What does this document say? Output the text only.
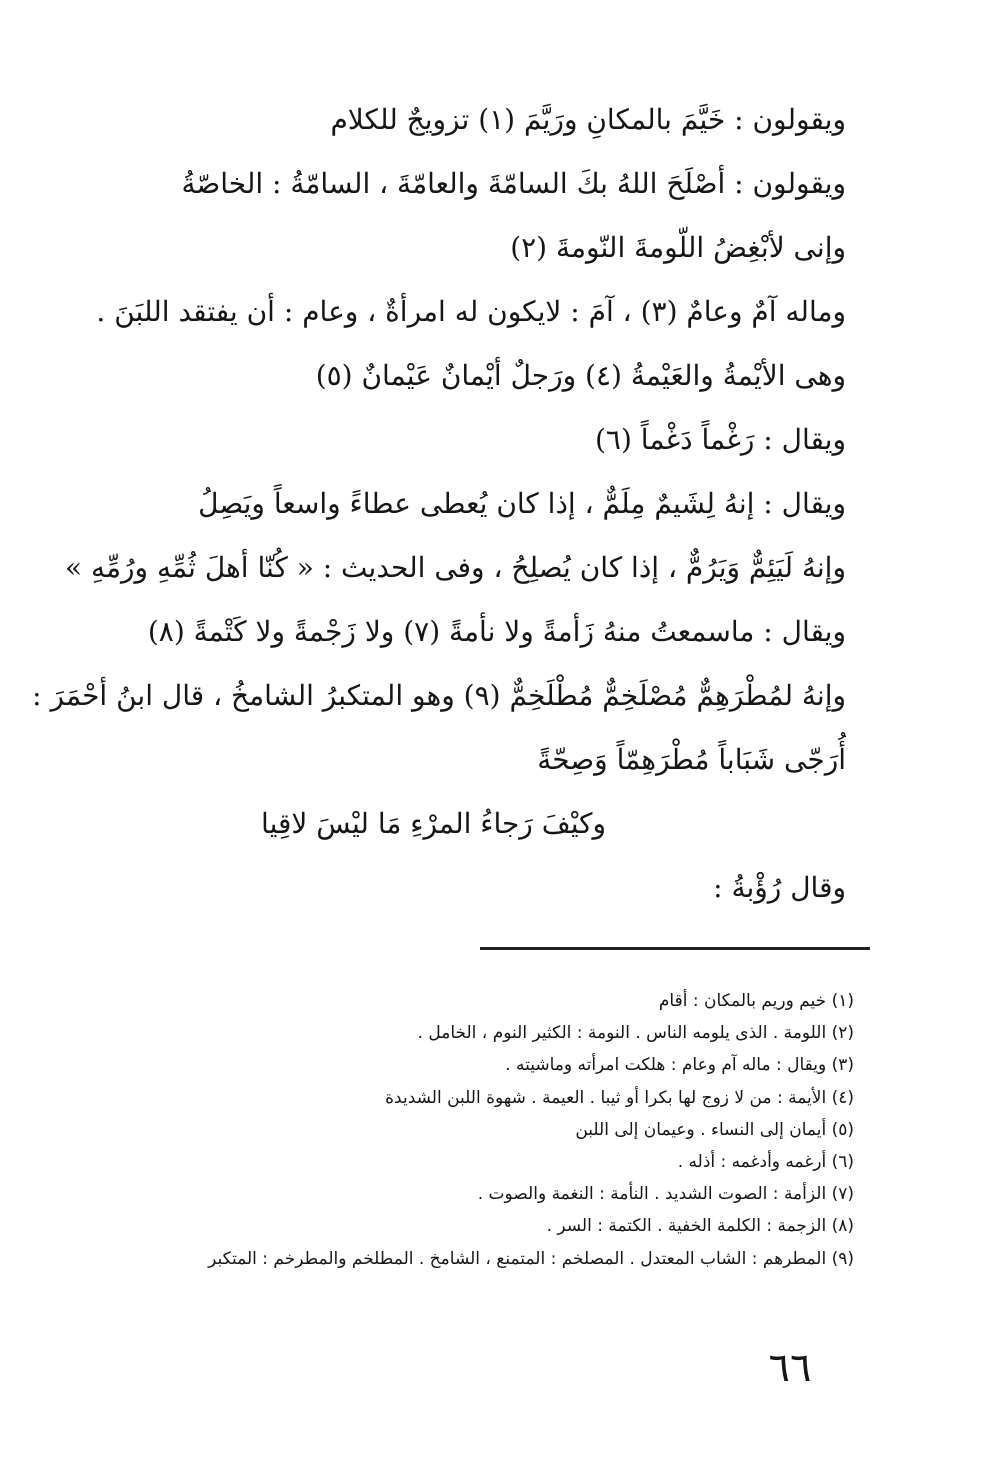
ويقولون : خَيَّمَ بالمكانِ ورَيَّمَ (١) تزويجٌ للكلام
ويقولون : أصْلَحَ اللهُ بكَ السامّةَ والعامّةَ ، السامّةُ : الخاصّةُ
وإنى لأبْغِضُ اللّومةَ النّومةَ (٢)
وماله آمٌ وعامٌ (٣) ، آمَ : لايكون له امرأةٌ ، وعام : أن يفتقد اللبَنَ .
وهى الأيْمةُ والعَيْمةُ (٤) ورَجلٌ أيْمانٌ عَيْمانٌ (٥)
ويقال : رَغْماً دَغْماً (٦)
ويقال : إنهُ لِشَيمٌ مِلَمٌّ ، إذا كان يُعطى عطاءً واسعاً ويَصِلُ
وإنهُ لَيَئِمٌّ وَيَرُمٌّ ، إذا كان يُصلِحُ ، وفى الحديث : « كُنّا أهلَ ثُمِّهِ ورُمِّهِ »
ويقال : ماسمعتُ منهُ زَأمةً ولا نأمةً (٧) ولا زَجْمةً ولا كَتْمةً (٨)
وإنهُ لمُطْرَهِمٌّ مُصْلَخِمٌّ مُطْلَخِمٌّ (٩) وهو المتكبرُ الشامخُ ، قال ابنُ أحْمَرَ :
أُرَجّى شَبَاباً مُطْرَهِمّاً وَصِحّةً
وكيْفَ رَجاءُ المرْءِ مَا ليْسَ لاقِيا
وقال رُؤْبةُ :
(١) خيم وريم بالمكان : أقام
(٢) اللومة . الذى يلومه الناس . النومة : الكثير النوم ، الخامل .
(٣) ويقال : ماله آم وعام : هلكت امرأته وماشيته .
(٤) الأيمة : من لا زوج لها بكرا أو ثيبا . العيمة . شهوة اللبن الشديدة
(٥) أيمان إلى النساء . وعيمان إلى اللبن
(٦) أرغمه وأدغمه : أذله .
(٧) الزأمة : الصوت الشديد . النأمة : النغمة والصوت .
(٨) الزجمة : الكلمة الخفية . الكتمة : السر .
(٩) المطرهم : الشاب المعتدل . المصلخم : المتمنع ، الشامخ . المطلخم والمطرخم : المتكبر
٦٦
